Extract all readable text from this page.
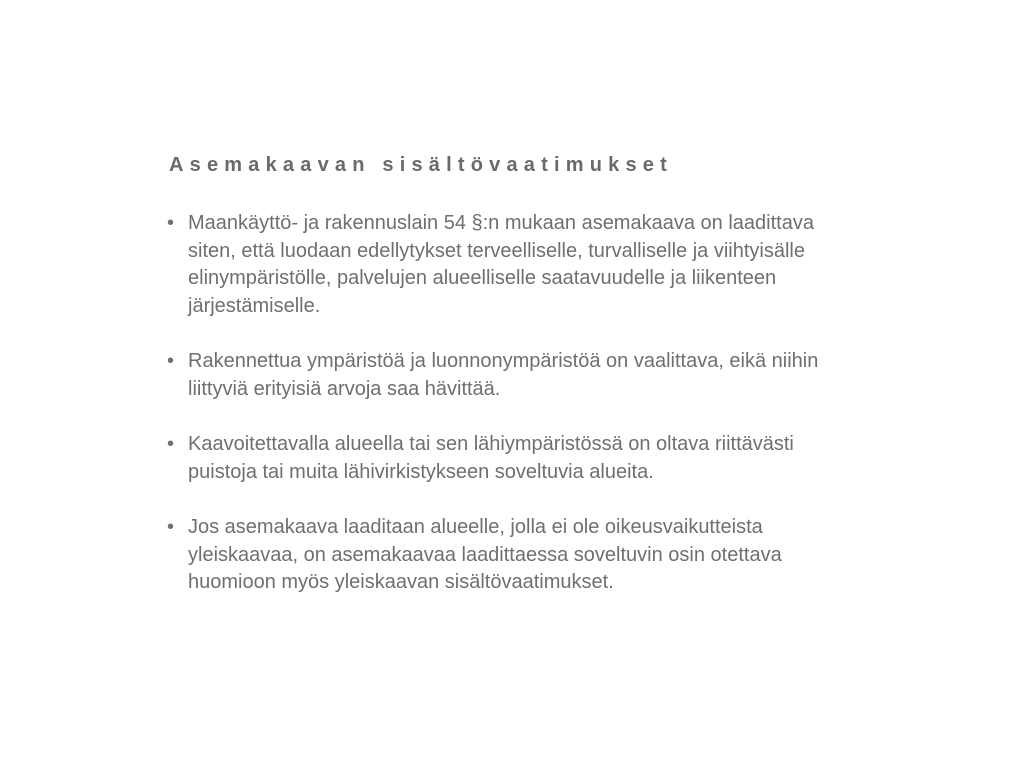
Asemakaavan sisältövaatimukset
• Maankäyttö- ja rakennuslain 54 §:n mukaan asemakaava on laadittava
siten, että luodaan edellytykset terveelliselle, turvalliselle ja viihtyisälle
elinympäristölle, palvelujen alueelliselle saatavuudelle ja liikenteen
järjestämiselle.
• Rakennettua ympäristöä ja luonnonympäristöä on vaalittava, eikä niihin
liittyviä erityisiä arvoja saa hävittää.
• Kaavoitettavalla alueella tai sen lähiympäristössä on oltava riittävästi
puistoja tai muita lähivirkistykseen soveltuvia alueita.
• Jos asemakaava laaditaan alueelle, jolla ei ole oikeusvaikutteista
yleiskaavaa, on asemakaavaa laadittaessa soveltuvin osin otettava
huomioon myös yleiskaavan sisältövaatimukset.
